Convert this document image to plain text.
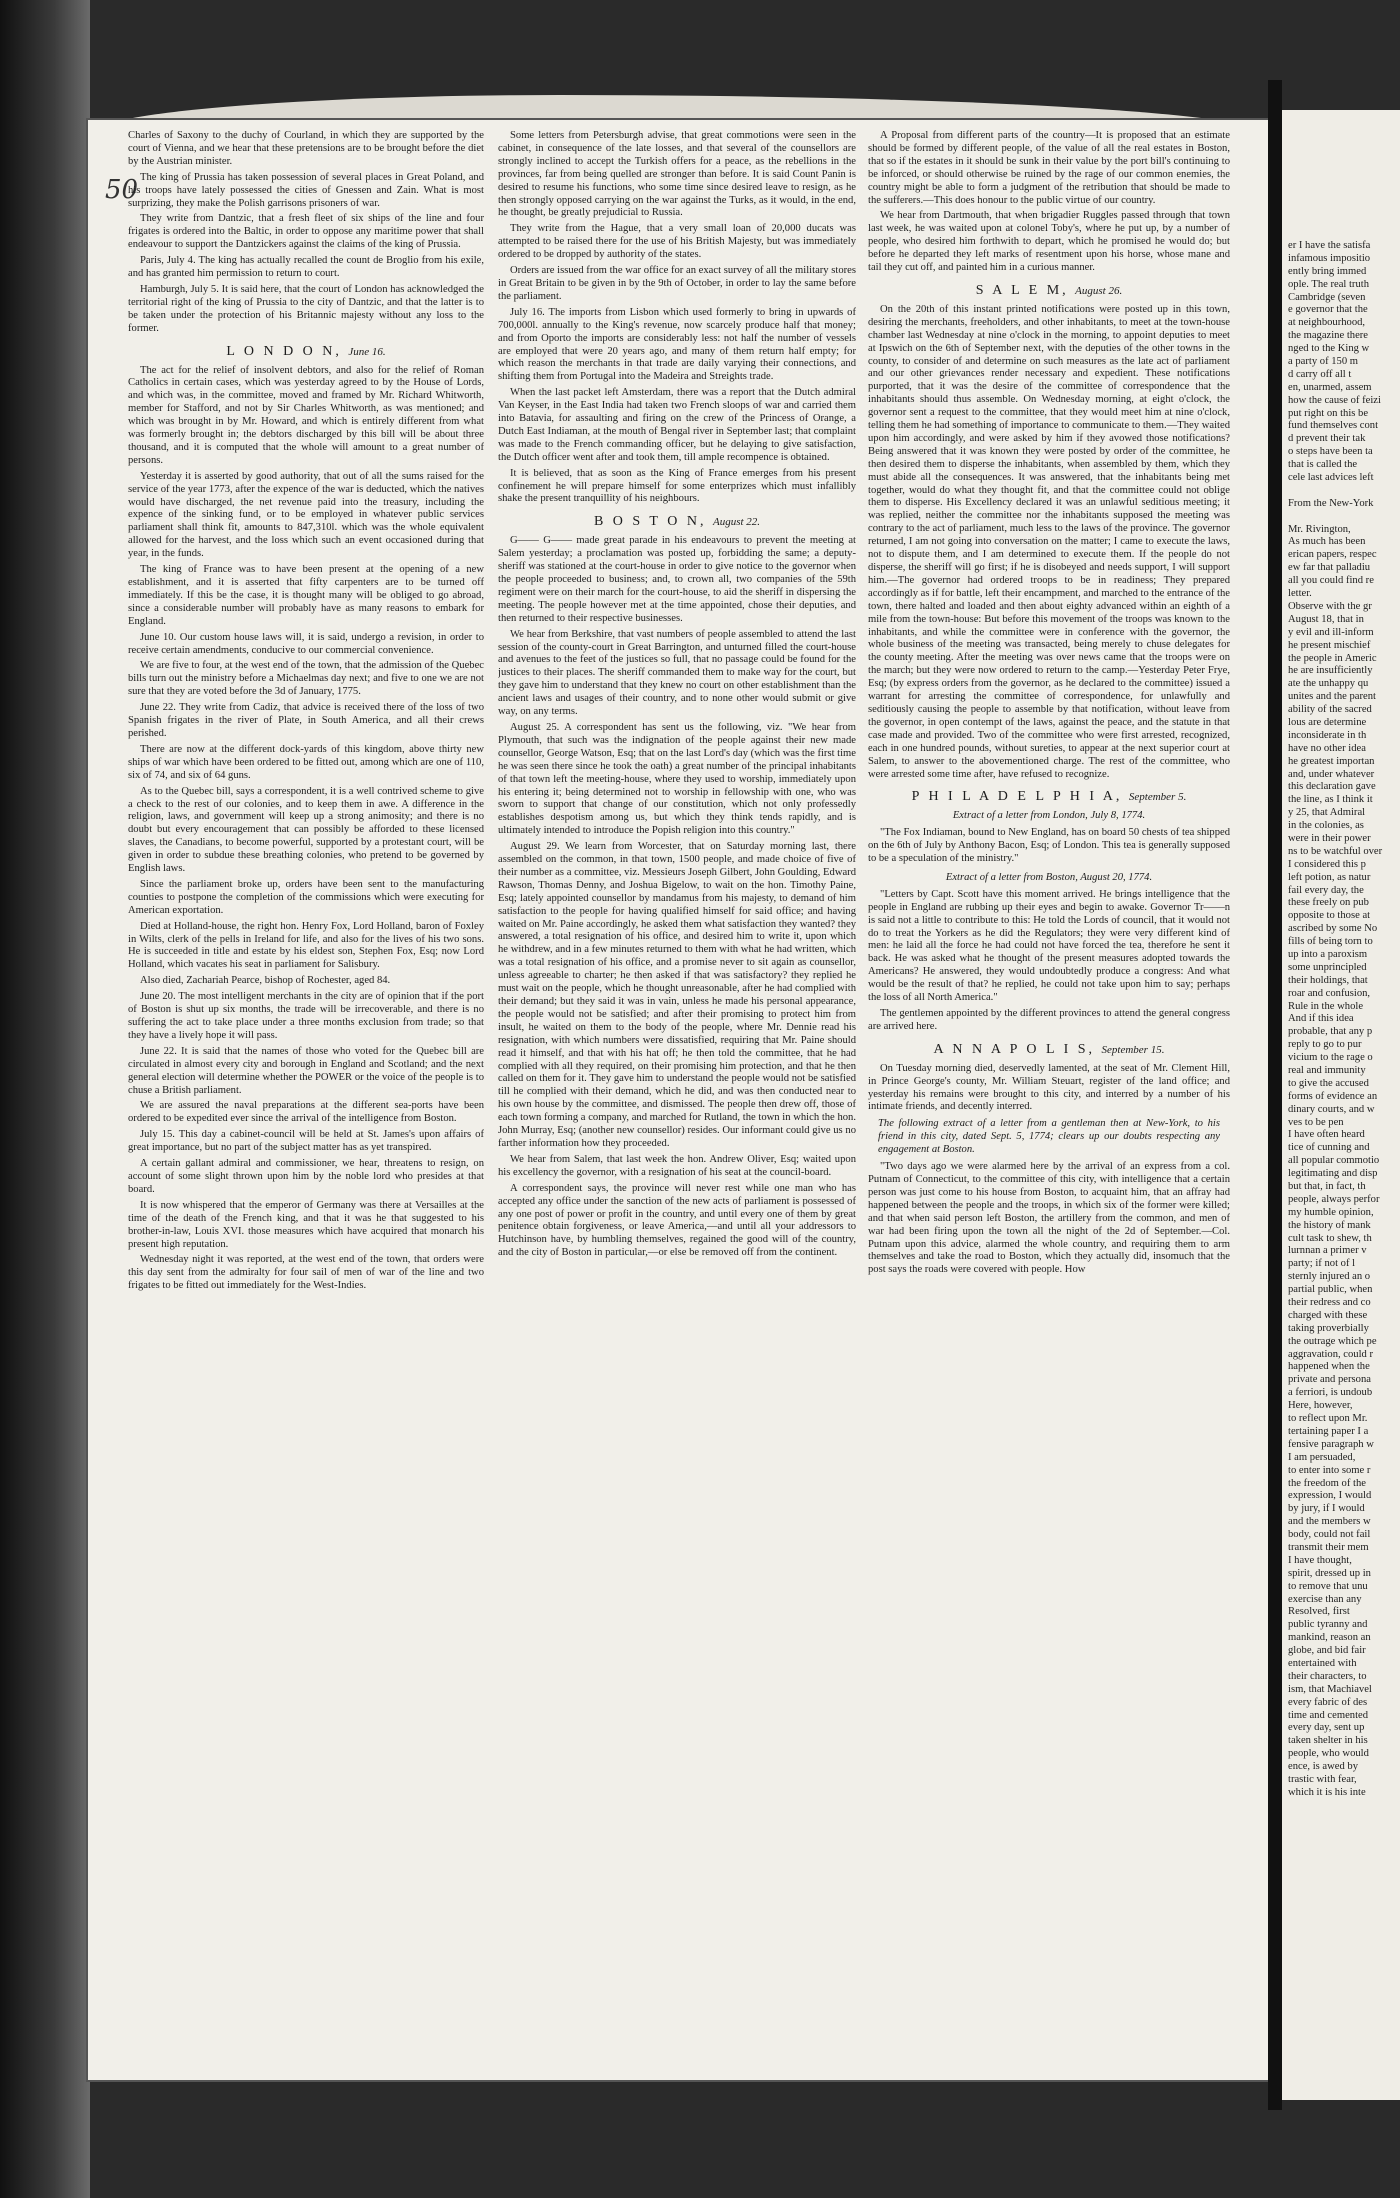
er I have the satisfa
infamous impositio
ently bring immed
ople. The real truth
Cambridge (seven
e governor that the
at neighbourhood,
the magazine there
nged to the King w
a party of 150 m
d carry off all t
en, unarmed, assem
how the cause of feizi
put right on this be
fund themselves cont
d prevent their tak
o steps have been ta
that is called the
cele last advices left
From the New-York
Mr. Rivington,
As much has been
erican papers, respec
ew far that palladiu
all you could find re
letter.
Observe with the gr
August 18, that in
y evil and ill-inform
he present mischief
the people in Americ
he are insufficiently
ate the unhappy qu
unites and the parent
ability of the sacred
lous are determine
inconsiderate in th
have no other idea
he greatest importan
and, under whatever
this declaration gave
the line, as I think it
y 25, that Admiral
in the colonies, as
were in their power
ns to be watchful over
I considered this p
left potion, as natur
fail every day, the
these freely on pub
opposite to those at
ascribed by some No
fills of being torn to
up into a paroxism
some unprincipled
their holdings, that
roar and confusion,
Rule in the whole
And if this idea
probable, that any p
reply to go to pur
vicium to the rage o
real and immunity
to give the accused
forms of evidence an
dinary courts, and w
ves to be pen
I have often heard
tice of cunning and
all popular commotio
legitimating and disp
but that, in fact, th
people, always perfor
my humble opinion,
the history of mank
cult task to shew, th
lurnnan a primer v
party; if not of l
sternly injured an o
partial public, when
their redress and co
charged with these
taking proverbially
the outrage which pe
aggravation, could r
happened when the
private and persona
a ferriori, is undoub
Here, however,
to reflect upon Mr.
tertaining paper I a
fensive paragraph w
I am persuaded,
to enter into some r
the freedom of the
expression, I would
by jury, if I would
and the members w
body, could not fail
transmit their mem
I have thought,
spirit, dressed up in
to remove that unu
exercise than any
Resolved, first
public tyranny and
mankind, reason an
globe, and bid fair
entertained with
their characters, to
ism, that Machiavel
every fabric of des
time and cemented
every day, sent up
taken shelter in his
people, who would
ence, is awed by
trastic with fear,
which it is his inte
50

Charles of Saxony to the duchy of Courland, in which they are supported by the court of Vienna, and we hear that these pretensions are to be brought before the diet by the Austrian minister.

The king of Prussia has taken possession of several places in Great Poland, and his troops have lately possessed the cities of Gnessen and Zain. What is most surprizing, they make the Polish garrisons prisoners of war.

They write from Dantzic, that a fresh fleet of six ships of the line and four frigates is ordered into the Baltic, in order to oppose any maritime power that shall endeavour to support the Dantzickers against the claims of the king of Prussia.

Paris, July 4. The king has actually recalled the count de Broglio from his exile, and has granted him permission to return to court.

Hamburgh, July 5. It is said here, that the court of London has acknowledged the territorial right of the king of Prussia to the city of Dantzic, and that the latter is to be taken under the protection of his Britannic majesty without any loss to the former.

L O N D O N, June 16.

The act for the relief of insolvent debtors, and also for the relief of Roman Catholics in certain cases, which was yesterday agreed to by the House of Lords, and which was, in the committee, moved and framed by Mr. Richard Whitworth, member for Stafford, and not by Sir Charles Whitworth, as was mentioned; and which was brought in by Mr. Howard, and which is entirely different from what was formerly brought in; the debtors discharged by this bill will be about three thousand, and it is computed that the whole will amount to a great number of persons.

Yesterday it is asserted by good authority, that out of all the sums raised for the service of the year 1773, after the expence of the war is deducted, which the natives would have discharged, the net revenue paid into the treasury, including the expence of the sinking fund, or to be employed in whatever public services parliament shall think fit, amounts to 847,310l. which was the whole equivalent allowed for the harvest, and the loss which such an event occasioned during that year, in the funds.

The king of France was to have been present at the opening of a new establishment, and it is asserted that fifty carpenters are to be turned off immediately. If this be the case, it is thought many will be obliged to go abroad, since a considerable number will probably have as many reasons to embark for England.

June 10. Our custom house laws will, it is said, undergo a revision, in order to receive certain amendments, conducive to our commercial convenience.

We are five to four, at the west end of the town, that the admission of the Quebec bills turn out the ministry before a Michaelmas day next; and five to one we are not sure that they are voted before the 3d of January, 1775.

June 22. They write from Cadiz, that advice is received there of the loss of two Spanish frigates in the river of Plate, in South America, and all their crews perished.

There are now at the different dock-yards of this kingdom, above thirty new ships of war which have been ordered to be fitted out, among which are one of 110, six of 74, and six of 64 guns.

As to the Quebec bill, says a correspondent, it is a well contrived scheme to give a check to the rest of our colonies, and to keep them in awe. A difference in the religion, laws, and government will keep up a strong animosity; and there is no doubt but every encouragement that can possibly be afforded to these licensed slaves, the Canadians, to become powerful, supported by a protestant court, will be given in order to subdue these breathing colonies, who pretend to be governed by English laws.

Since the parliament broke up, orders have been sent to the manufacturing counties to postpone the completion of the commissions which were executing for American exportation.

Died at Holland-house, the right hon. Henry Fox, Lord Holland, baron of Foxley in Wilts, clerk of the pells in Ireland for life, and also for the lives of his two sons. He is succeeded in title and estate by his eldest son, Stephen Fox, Esq; now Lord Holland, which vacates his seat in parliament for Salisbury.

Also died, Zachariah Pearce, bishop of Rochester, aged 84.

June 20. The most intelligent merchants in the city are of opinion that if the port of Boston is shut up six months, the trade will be irrecoverable, and there is no suffering the act to take place under a three months exclusion from trade; so that they have a lively hope it will pass.

June 22. It is said that the names of those who voted for the Quebec bill are circulated in almost every city and borough in England and Scotland; and the next general election will determine whether the POWER or the voice of the people is to chuse a British parliament.

We are assured the naval preparations at the different sea-ports have been ordered to be expedited ever since the arrival of the intelligence from Boston.

July 15. This day a cabinet-council will be held at St. James's upon affairs of great importance, but no part of the subject matter has as yet transpired.

A certain gallant admiral and commissioner, we hear, threatens to resign, on account of some slight thrown upon him by the noble lord who presides at that board.

It is now whispered that the emperor of Germany was there at Versailles at the time of the death of the French king, and that it was he that suggested to his brother-in-law, Louis XVI. those measures which have acquired that monarch his present high reputation.

Wednesday night it was reported, at the west end of the town, that orders were this day sent from the admiralty for four sail of men of war of the line and two frigates to be fitted out immediately for the West-Indies.

Some letters from Petersburgh advise, that great commotions were seen in the cabinet, in consequence of the late losses, and that several of the counsellors are strongly inclined to accept the Turkish offers for a peace, as the rebellions in the provinces, far from being quelled are stronger than before. It is said Count Panin is desired to resume his functions, who some time since desired leave to resign, as he then strongly opposed carrying on the war against the Turks, as it would, in the end, he thought, be greatly prejudicial to Russia.

They write from the Hague, that a very small loan of 20,000 ducats was attempted to be raised there for the use of his British Majesty, but was immediately ordered to be dropped by authority of the states.

Orders are issued from the war office for an exact survey of all the military stores in Great Britain to be given in by the 9th of October, in order to lay the same before the parliament.

July 16. The imports from Lisbon which used formerly to bring in upwards of 700,000l. annually to the King's revenue, now scarcely produce half that money; and from Oporto the imports are considerably less: not half the number of vessels are employed that were 20 years ago, and many of them return half empty; for which reason the merchants in that trade are daily varying their connections, and shifting them from Portugal into the Madeira and Streights trade.

When the last packet left Amsterdam, there was a report that the Dutch admiral Van Keyser, in the East India had taken two French sloops of war and carried them into Batavia, for assaulting and firing on the crew of the Princess of Orange, a Dutch East Indiaman, at the mouth of Bengal river in September last; that complaint was made to the French commanding officer, but he delaying to give satisfaction, the Dutch officer went after and took them, till ample recompence is obtained.

It is believed, that as soon as the King of France emerges from his present confinement he will prepare himself for some enterprizes which must infallibly shake the present tranquillity of his neighbours.

B O S T O N, August 22.

G—— G—— made great parade in his endeavours to prevent the meeting at Salem yesterday; a proclamation was posted up, forbidding the same; a deputy-sheriff was stationed at the court-house in order to give notice to the governor when the people proceeded to business; and, to crown all, two companies of the 59th regiment were on their march for the court-house, to aid the sheriff in dispersing the meeting. The people however met at the time appointed, chose their deputies, and then returned to their respective businesses.

We hear from Berkshire, that vast numbers of people assembled to attend the last session of the county-court in Great Barrington, and unturned filled the court-house and avenues to the feet of the justices so full, that no passage could be found for the justices to their places. The sheriff commanded them to make way for the court, but they gave him to understand that they knew no court on other establishment than the ancient laws and usages of their country, and to none other would submit or give way, on any terms.

August 25. A correspondent has sent us the following, viz. "We hear from Plymouth, that such was the indignation of the people against their new made counsellor, George Watson, Esq; that on the last Lord's day (which was the first time he was seen there since he took the oath) a great number of the principal inhabitants of that town left the meeting-house, where they used to worship, immediately upon his entering it; being determined not to worship in fellowship with one, who was sworn to support that change of our constitution, which not only professedly establishes despotism among us, but which they think tends rapidly, and is ultimately intended to introduce the Popish religion into this country."

August 29. We learn from Worcester, that on Saturday morning last, there assembled on the common, in that town, 1500 people, and made choice of five of their number as a committee, viz. Messieurs Joseph Gilbert, John Goulding, Edward Rawson, Thomas Denny, and Joshua Bigelow, to wait on the hon. Timothy Paine, Esq; lately appointed counsellor by mandamus from his majesty, to demand of him satisfaction to the people for having qualified himself for said office; and having waited on Mr. Paine accordingly, he asked them what satisfaction they wanted? they answered, a total resignation of his office, and desired him to write it, upon which he withdrew, and in a few minutes returned to them with what he had written, which was a total resignation of his office, and a promise never to sit again as counsellor, unless agreeable to charter; he then asked if that was satisfactory? they replied he must wait on the people, which he thought unreasonable, after he had complied with their demand; but they said it was in vain, unless he made his personal appearance, the people would not be satisfied; and after their promising to protect him from insult, he waited on them to the body of the people, where Mr. Dennie read his resignation, with which numbers were dissatisfied, requiring that Mr. Paine should read it himself, and that with his hat off; he then told the committee, that he had complied with all they required, on their promising him protection, and that he then called on them for it. They gave him to understand the people would not be satisfied till he complied with their demand, which he did, and was then conducted near to his own house by the committee, and dismissed. The people then drew off, those of each town forming a company, and marched for Rutland, the town in which the hon. John Murray, Esq; (another new counsellor) resides. Our informant could give us no farther information how they proceeded.

We hear from Salem, that last week the hon. Andrew Oliver, Esq; waited upon his excellency the governor, with a resignation of his seat at the council-board.

A correspondent says, the province will never rest while one man who has accepted any office under the sanction of the new acts of parliament is possessed of any one post of power or profit in the country, and until every one of them by great penitence obtain forgiveness, or leave America,—and until all your addressors to Hutchinson have, by humbling themselves, regained the good will of the country, and the city of Boston in particular,—or else be removed off from the continent.

A Proposal from different parts of the country—It is proposed that an estimate should be formed by different people, of the value of all the real estates in Boston, that so if the estates in it should be sunk in their value by the port bill's continuing to be inforced, or should otherwise be ruined by the rage of our common enemies, the country might be able to form a judgment of the retribution that should be made to the sufferers.—This does honour to the public virtue of our country.

We hear from Dartmouth, that when brigadier Ruggles passed through that town last week, he was waited upon at colonel Toby's, where he put up, by a number of people, who desired him forthwith to depart, which he promised he would do; but before he departed they left marks of resentment upon his horse, whose mane and tail they cut off, and painted him in a curious manner.

S A L E M, August 26.

On the 20th of this instant printed notifications were posted up in this town, desiring the merchants, freeholders, and other inhabitants, to meet at the town-house chamber last Wednesday at nine o'clock in the morning, to appoint deputies to meet at Ipswich on the 6th of September next, with the deputies of the other towns in the county, to consider of and determine on such measures as the late act of parliament and our other grievances render necessary and expedient. These notifications purported, that it was the desire of the committee of correspondence that the inhabitants should thus assemble. On Wednesday morning, at eight o'clock, the governor sent a request to the committee, that they would meet him at nine o'clock, telling them he had something of importance to communicate to them.—They waited upon him accordingly, and were asked by him if they avowed those notifications? Being answered that it was known they were posted by order of the committee, he then desired them to disperse the inhabitants, when assembled by them, which they must abide all the consequences. It was answered, that the inhabitants being met together, would do what they thought fit, and that the committee could not oblige them to disperse. His Excellency declared it was an unlawful seditious meeting; it was replied, neither the committee nor the inhabitants supposed the meeting was contrary to the act of parliament, much less to the laws of the province. The governor returned, I am not going into conversation on the matter; I came to execute the laws, not to dispute them, and I am determined to execute them. If the people do not disperse, the sheriff will go first; if he is disobeyed and needs support, I will support him.—The governor had ordered troops to be in readiness; They prepared accordingly as if for battle, left their encampment, and marched to the entrance of the town, there halted and loaded and then about eighty advanced within an eighth of a mile from the town-house: But before this movement of the troops was known to the inhabitants, and while the committee were in conference with the governor, the whole business of the meeting was transacted, being merely to chuse delegates for the county meeting. After the meeting was over news came that the troops were on the march; but they were now ordered to return to the camp.—Yesterday Peter Frye, Esq; (by express orders from the governor, as he declared to the committee) issued a warrant for arresting the committee of correspondence, for unlawfully and seditiously causing the people to assemble by that notification, without leave from the governor, in open contempt of the laws, against the peace, and the statute in that case made and provided. Two of the committee who were first arrested, recognized, each in one hundred pounds, without sureties, to appear at the next superior court at Salem, to answer to the abovementioned charge. The rest of the committee, who were arrested some time after, have refused to recognize.

P H I L A D E L P H I A, September 5.
Extract of a letter from London, July 8, 1774.

"The Fox Indiaman, bound to New England, has on board 50 chests of tea shipped on the 6th of July by Anthony Bacon, Esq; of London. This tea is generally supposed to be a speculation of the ministry."

Extract of a letter from Boston, August 20, 1774.

"Letters by Capt. Scott have this moment arrived. He brings intelligence that the people in England are rubbing up their eyes and begin to awake. Governor Tr——n is said not a little to contribute to this: He told the Lords of council, that it would not do to treat the Yorkers as he did the Regulators; they were very different kind of men: he laid all the force he had could not have forced the tea, therefore he sent it back. He was asked what he thought of the present measures adopted towards the Americans? He answered, they would undoubtedly produce a congress: And what would be the result of that? he replied, he could not take upon him to say; perhaps the loss of all North America."

The gentlemen appointed by the different provinces to attend the general congress are arrived here.

A N N A P O L I S, September 15.

On Tuesday morning died, deservedly lamented, at the seat of Mr. Clement Hill, in Prince George's county, Mr. William Steuart, register of the land office; and yesterday his remains were brought to this city, and interred by a number of his intimate friends, and decently interred.

The following extract of a letter from a gentleman then at New-York, to his friend in this city, dated Sept. 5, 1774; clears up our doubts respecting any engagement at Boston.

"Two days ago we were alarmed here by the arrival of an express from a col. Putnam of Connecticut, to the committee of this city, with intelligence that a certain person was just come to his house from Boston, to acquaint him, that an affray had happened between the people and the troops, in which six of the former were killed; and that when said person left Boston, the artillery from the common, and men of war had been firing upon the town all the night of the 2d of September.—Col. Putnam upon this advice, alarmed the whole country, and requiring them to arm themselves and take the road to Boston, which they actually did, insomuch that the post says the roads were covered with people. How
